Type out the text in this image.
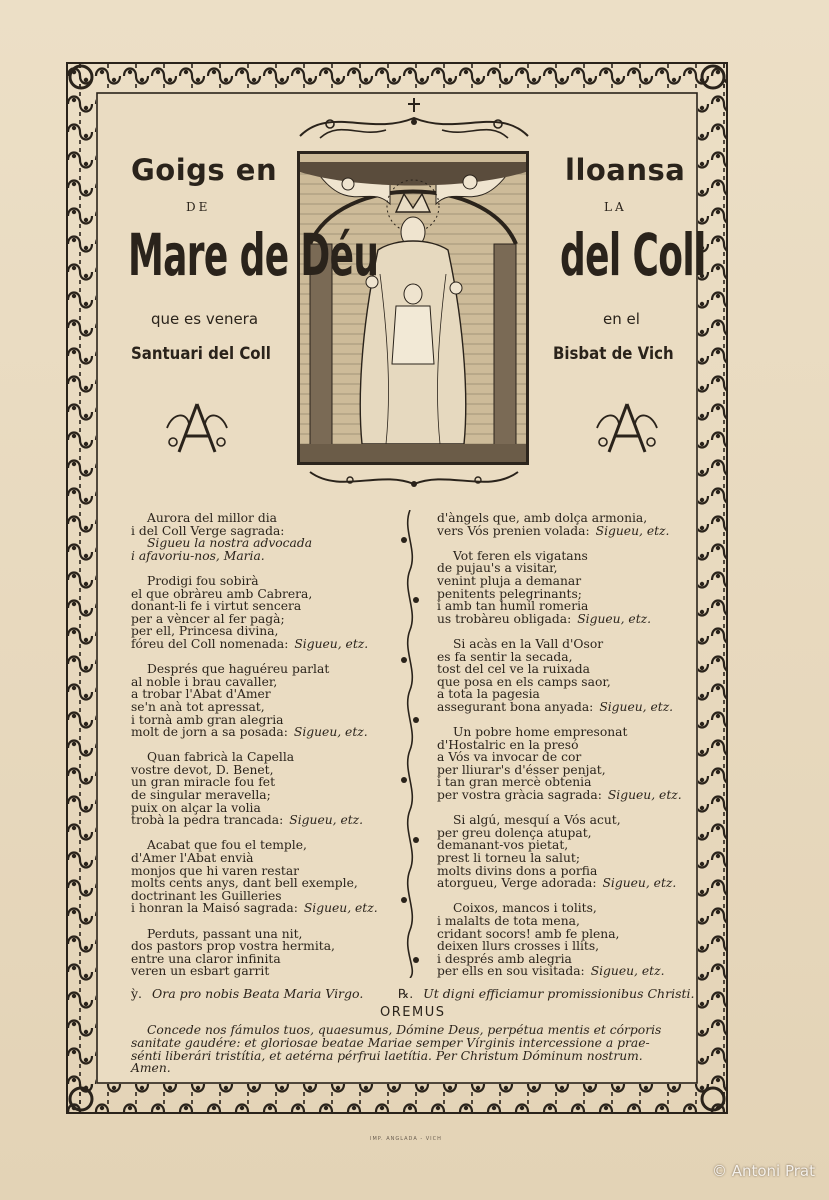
Goigs en
DE
Mare de Déu
que es venera
Santuari del Coll
lloansa
LA
del Coll
en el
Bisbat de Vich
Aurora del millor dia
i del Coll Verge sagrada:
Sigueu la nostra advocada
i afavoriu-nos, Maria.

Prodigi fou sobirà
el que obràreu amb Cabrera,
donant-li fe i virtut sencera
per a vèncer al fer pagà;
per ell, Princesa divina,
fóreu del Coll nomenada: Sigueu, etz.

Després que haguéreu parlat
al noble i brau cavaller,
a trobar l'Abat d'Amer
se'n anà tot apressat,
i tornà amb gran alegria
molt de jorn a sa posada: Sigueu, etz.

Quan fabricà la Capella
vostre devot, D. Benet,
un gran miracle fou fet
de singular meravella;
puix on alçar la volia
trobà la pedra trancada: Sigueu, etz.

Acabat que fou el temple,
d'Amer l'Abat envià
monjos que hi varen restar
molts cents anys, dant bell exemple,
doctrinant les Guilleries
i honran la Maisó sagrada: Sigueu, etz.

Perduts, passant una nit,
dos pastors prop vostra hermita,
entre una claror infinita
veren un esbart garrit
d'àngels que, amb dolça armonia,
vers Vós prenien volada: Sigueu, etz.

Vot feren els vigatans
de pujau's a visitar,
venint pluja a demanar
penitents pelegrinants;
i amb tan humil romeria
us trobàreu obligada: Sigueu, etz.

Si acàs en la Vall d'Osor
es fa sentir la secada,
tost del cel ve la ruixada
que posa en els camps saor,
a tota la pagesia
assegurant bona anyada: Sigueu, etz.

Un pobre home empresonat
d'Hostalric en la presó
a Vós va invocar de cor
per lliurar's d'ésser penjat,
i tan gran mercè obtenia
per vostra gràcia sagrada: Sigueu, etz.

Si algú, mesquí a Vós acut,
per greu dolença atupat,
demanant-vos pietat,
prest li torneu la salut;
molts divins dons a porfia
atorgueu, Verge adorada: Sigueu, etz.

Coixos, mancos i tolits,
i malalts de tota mena,
cridant socors! amb fe plena,
deixen llurs crosses i llits,
i després amb alegria
per ells en sou visitada: Sigueu, etz.
ỳ. Ora pro nobis Beata Maria Virgo.	℞. Ut digni efficiamur promissionibus Christi.
OREMUS
Concede nos fámulos tuos, quaesumus, Dómine Deus, perpétua mentis et córporis
sanitate gaudére: et gloriosae beatae Mariae semper Vírginis intercessione a prae-
sénti liberári tristítia, et aetérna pérfrui laetítia. Per Christum Dóminum nostrum.
Amen.
IMP. ANGLADA - VICH
© Antoni Prat
